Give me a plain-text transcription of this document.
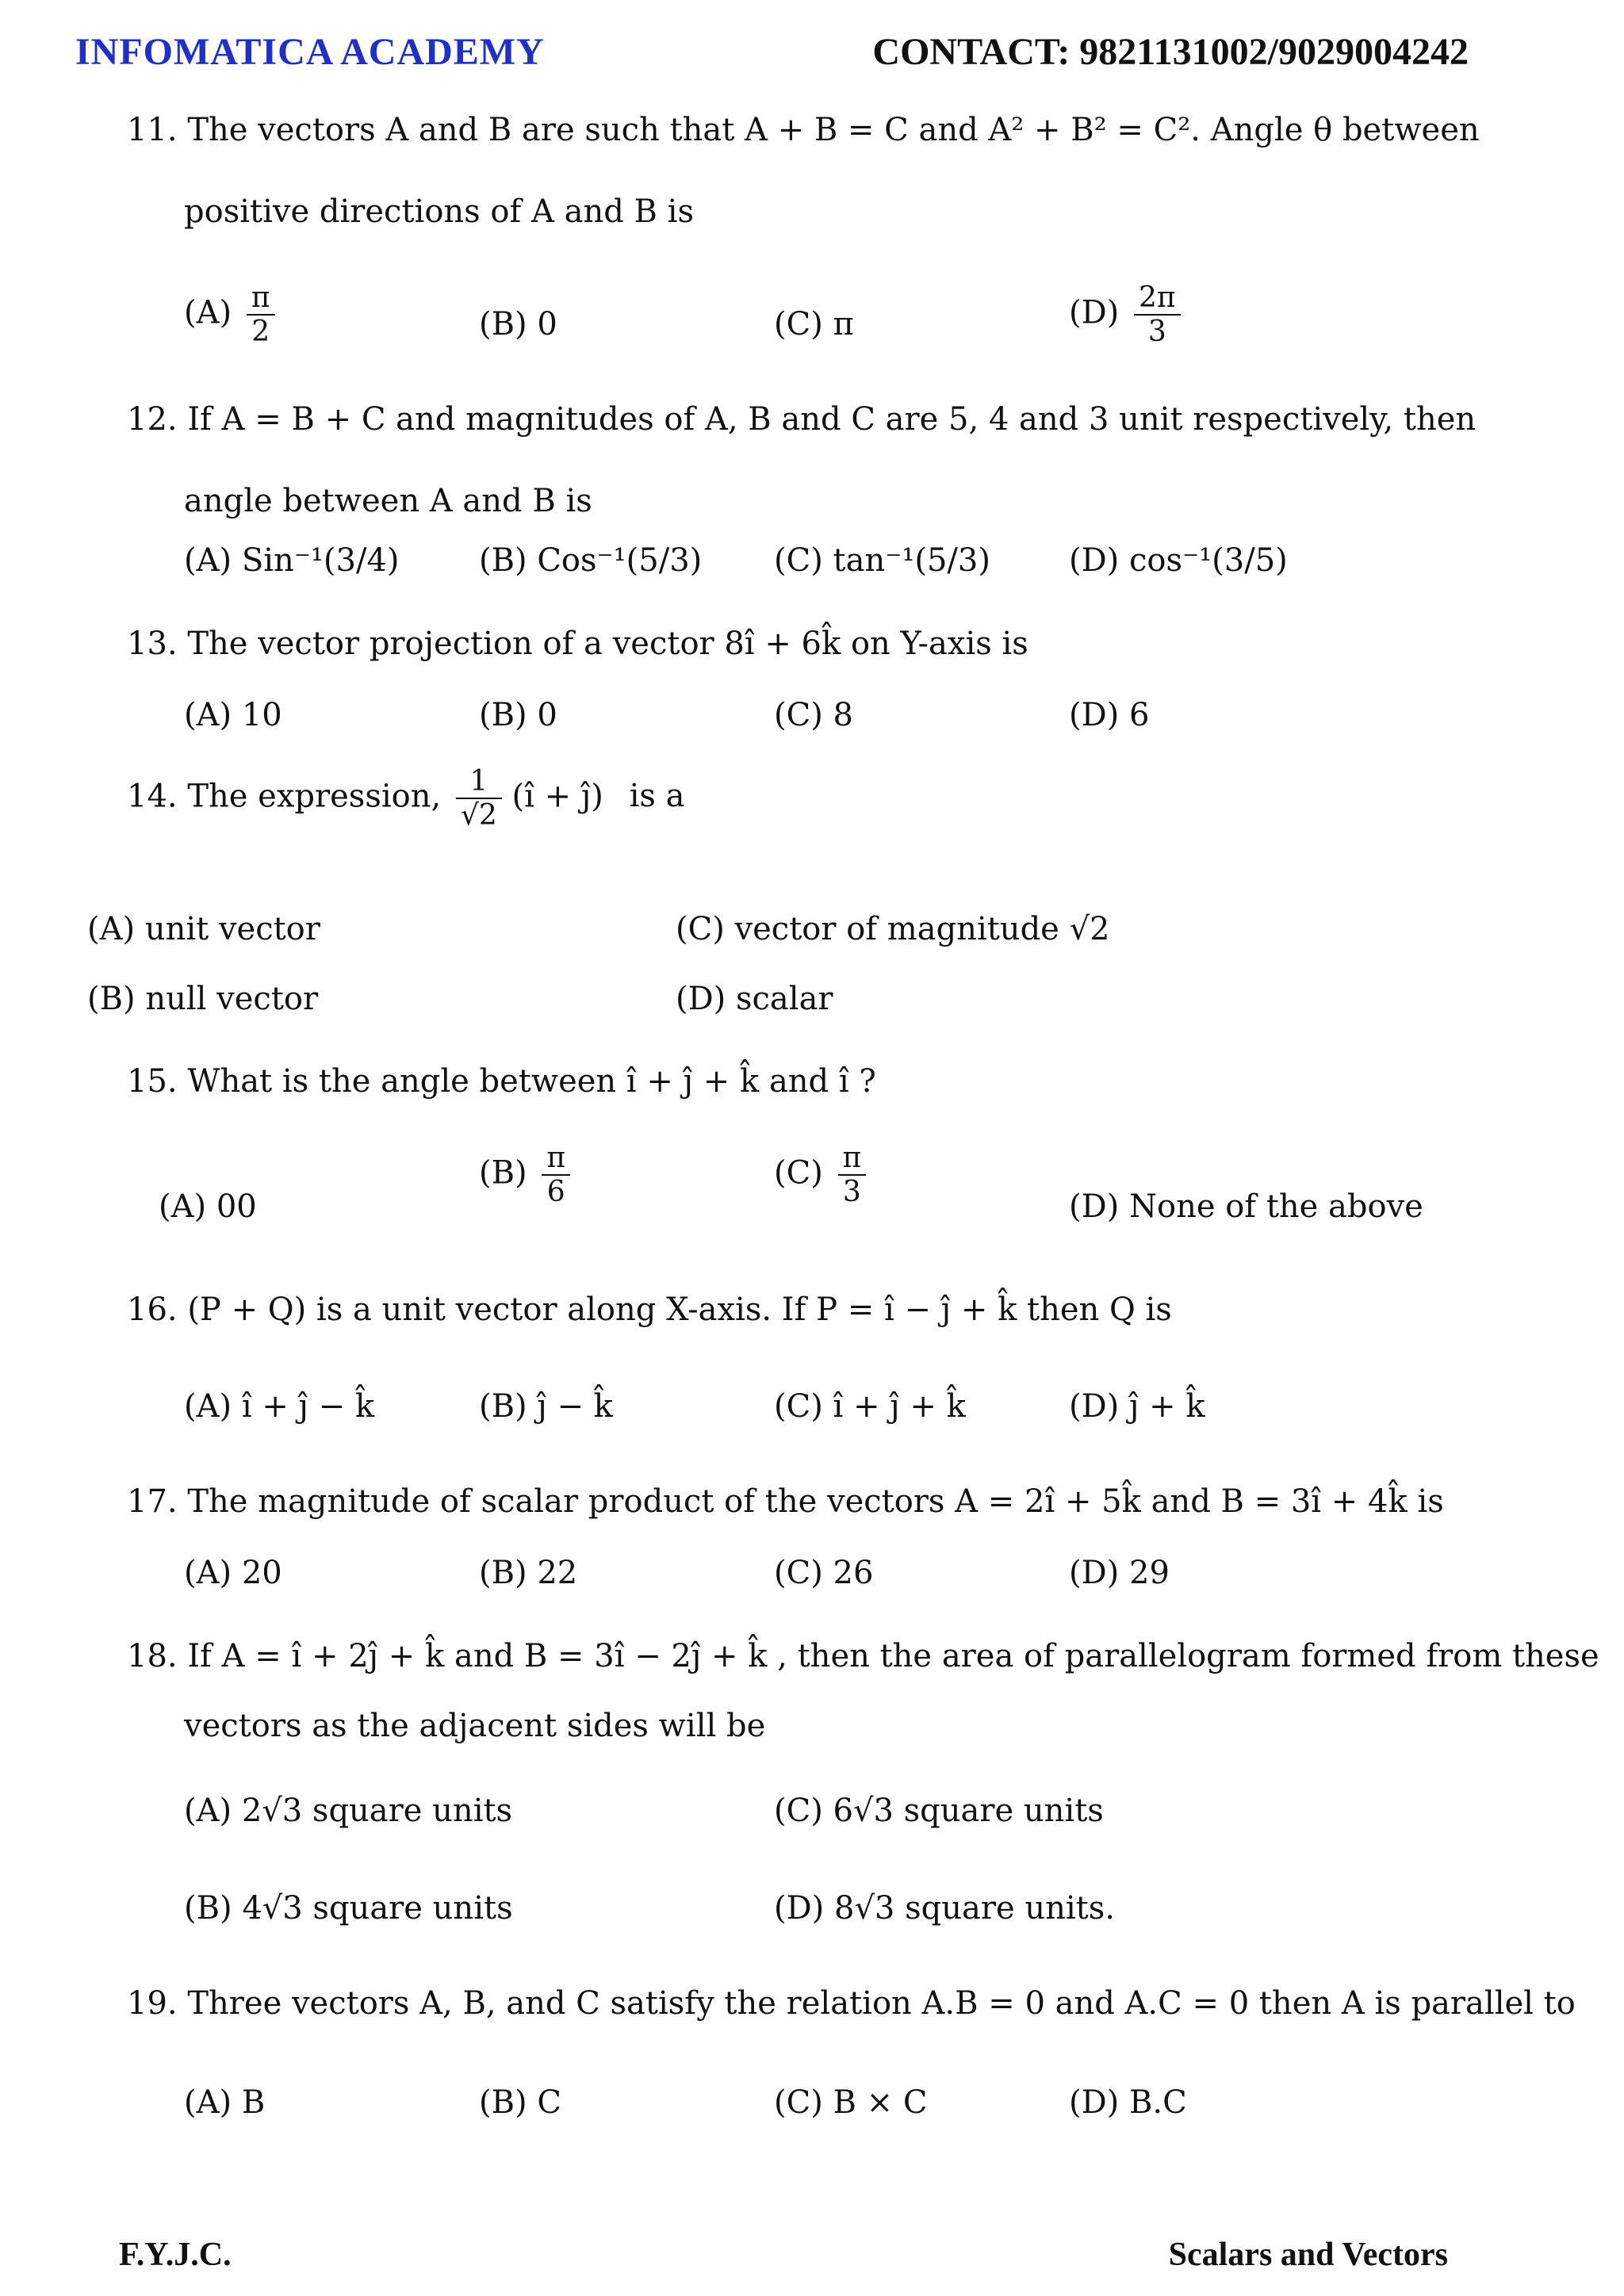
INFOMATICA ACADEMY	CONTACT: 9821131002/9029004242
11. The vectors A and B are such that A + B = C and A² + B² = C². Angle θ between
positive directions of A and B is
$(A) \frac{\pi}{2}$	(B) 0	(C) π	$(D) \frac{2\pi}{3}$
12. If A = B + C and magnitudes of A, B and C are 5, 4 and 3 unit respectively, then
angle between A and B is
(A) Sin⁻¹(3/4)	(B) Cos⁻¹(5/3) (C) tan⁻¹(5/3) (D) cos⁻¹(3/5)
13. The vector projection of a vector 8î + 6k̂ on Y-axis is
(A) 10	(B) 0	(C) 8	(D) 6
14. The expression, $\frac{1}{√2}$ (î + ĵ) is a
(A) unit vector	(C) vector of magnitude √2
(B) null vector	(D) scalar
15. What is the angle between î + ĵ + k̂ and î ?
(A) 00
$(B) \frac{\pi}{6}$	$(C) \frac{\pi}{3}$	(D) None of the above
16. (P + Q) is a unit vector along X-axis. If P = î − ĵ + k̂ then Q is
(A) î + ĵ − k̂	(B) ĵ − k̂	(C) î + ĵ + k̂	(D) ĵ + k̂
17. The magnitude of scalar product of the vectors A = 2î + 5k̂ and B = 3î + 4k̂ is
(A) 20	(B) 22	(C) 26	(D) 29
18. If A = î + 2ĵ + k̂ and B = 3î − 2ĵ + k̂ , then the area of parallelogram formed from these
vectors as the adjacent sides will be
(A) 2√3 square units	(C) 6√3 square units
(B) 4√3 square units	(D) 8√3 square units.
19. Three vectors A, B, and C satisfy the relation A.B = 0 and A.C = 0 then A is parallel to
(A) B	(B) C	(C) B × C	(D) B.C
F.Y.J.C.	Scalars and Vectors
